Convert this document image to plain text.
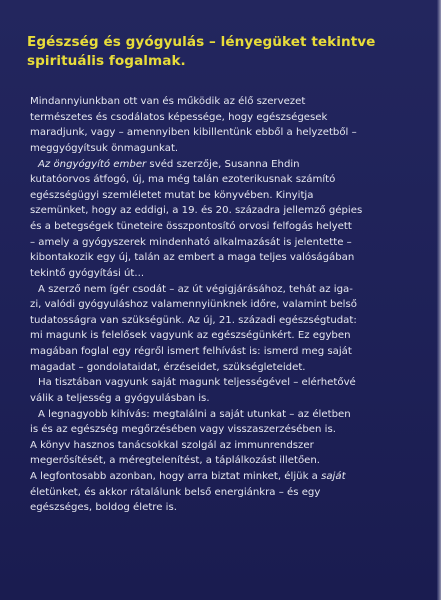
Egészség és gyógyulás – lényegüket tekintve
spirituális fogalmak.
Mindannyiunkban ott van és működik az élő szervezet
természetes és csodálatos képessége, hogy egészségesek
maradjunk, vagy – amennyiben kibillentünk ebből a helyzetből –
meggyógyítsuk önmagunkat.
Az öngyógyító ember svéd szerzője, Susanna Ehdin
kutatóorvos átfogó, új, ma még talán ezoterikusnak számító
egészségügyi szemléletet mutat be könyvében. Kinyitja
szemünket, hogy az eddigi, a 19. és 20. századra jellemző gépies
és a betegségek tüneteire összpontosító orvosi felfogás helyett
– amely a gyógyszerek mindenható alkalmazását is jelentette –
kibontakozik egy új, talán az embert a maga teljes valóságában
tekintő gyógyítási út...
A szerző nem ígér csodát – az út végigjárásához, tehát az iga-
zi, valódi gyógyuláshoz valamennyiünknek időre, valamint belső
tudatosságra van szükségünk. Az új, 21. századi egészségtudat:
mi magunk is felelősek vagyunk az egészségünkért. Ez egyben
magában foglal egy régről ismert felhívást is: ismerd meg saját
magadat – gondolataidat, érzéseidet, szükségleteidet.
Ha tisztában vagyunk saját magunk teljességével – elérhetővé
válik a teljesség a gyógyulásban is.
A legnagyobb kihívás: megtalálni a saját utunkat – az életben
is és az egészség megőrzésében vagy visszaszerzésében is.
A könyv hasznos tanácsokkal szolgál az immunrendszer
megerősítését, a méregtelenítést, a táplálkozást illetően.
A legfontosabb azonban, hogy arra biztat minket, éljük a saját
életünket, és akkor rátalálunk belső energiánkra – és egy
egészséges, boldog életre is.
